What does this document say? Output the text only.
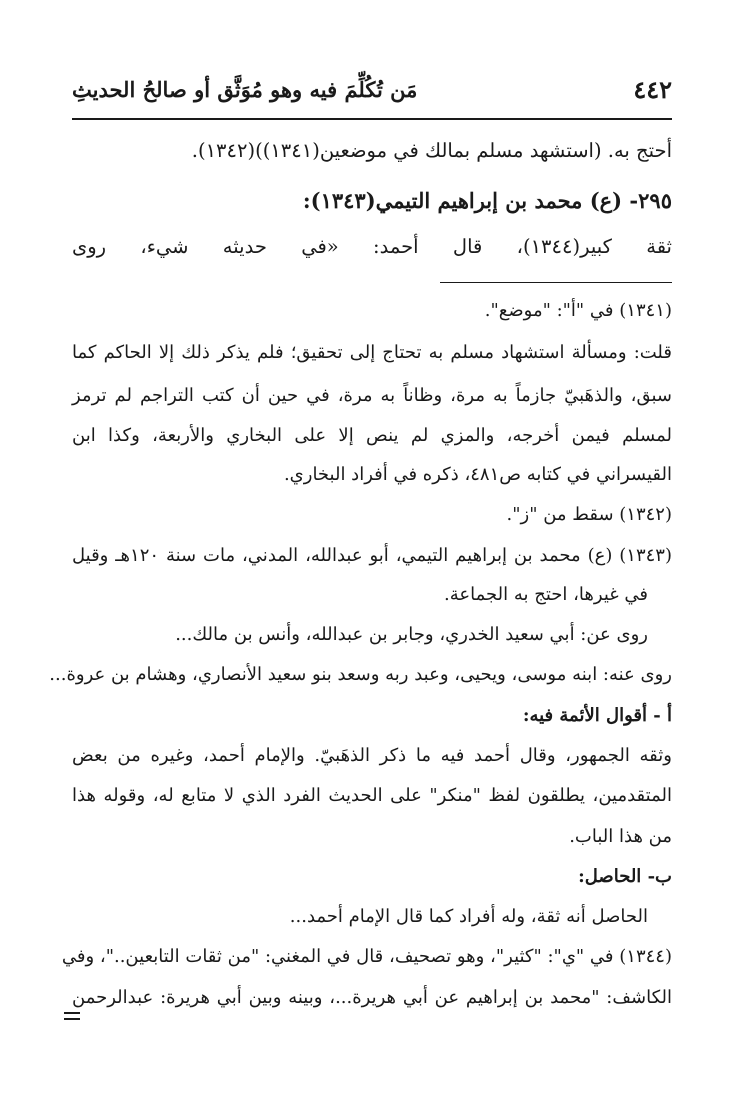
٤٤٢
مَن تُكُلِّمَ فيه وهو مُوَثَّق أو صالحُ الحديثِ
أحتج به. (استشهد مسلم بمالك في موضعين(١٣٤١))(١٣٤٢).
٢٩٥- (ع) محمد بن إبراهيم التيمي(١٣٤٣):
ثقة كبير(١٣٤٤)، قال أحمد: «في حديثه شيء، روى
(١٣٤١) في "أ": "موضع".
قلت: ومسألة استشهاد مسلم به تحتاج إلى تحقيق؛ فلم يذكر ذلك إلا الحاكم كما
سبق، والذهَبيّ جازماً به مرة، وظاناً به مرة، في حين أن كتب التراجم لم ترمز
لمسلم فيمن أخرجه، والمزي لم ينص إلا على البخاري والأربعة، وكذا ابن
القيسراني في كتابه ص٤٨١، ذكره في أفراد البخاري.
(١٣٤٢) سقط من "ز".
(١٣٤٣) (ع) محمد بن إبراهيم التيمي، أبو عبدالله، المدني، مات سنة ١٢٠هـ وقيل
في غيرها، احتج به الجماعة.
روى عن: أبي سعيد الخدري، وجابر بن عبدالله، وأنس بن مالك...
روى عنه: ابنه موسى، ويحيى، وعبد ربه وسعد بنو سعيد الأنصاري، وهشام بن عروة...
أ - أقوال الأئمة فيه:
وثقه الجمهور، وقال أحمد فيه ما ذكر الذهَبيّ. والإمام أحمد، وغيره من بعض
المتقدمين، يطلقون لفظ "منكر" على الحديث الفرد الذي لا متابع له، وقوله هذا
من هذا الباب.
ب- الحاصل:
الحاصل أنه ثقة، وله أفراد كما قال الإمام أحمد...
(١٣٤٤) في "ي": "كثير"، وهو تصحيف، قال في المغني: "من ثقات التابعين.."، وفي
الكاشف: "محمد بن إبراهيم عن أبي هريرة...، وبينه وبين أبي هريرة: عبدالرحمن
